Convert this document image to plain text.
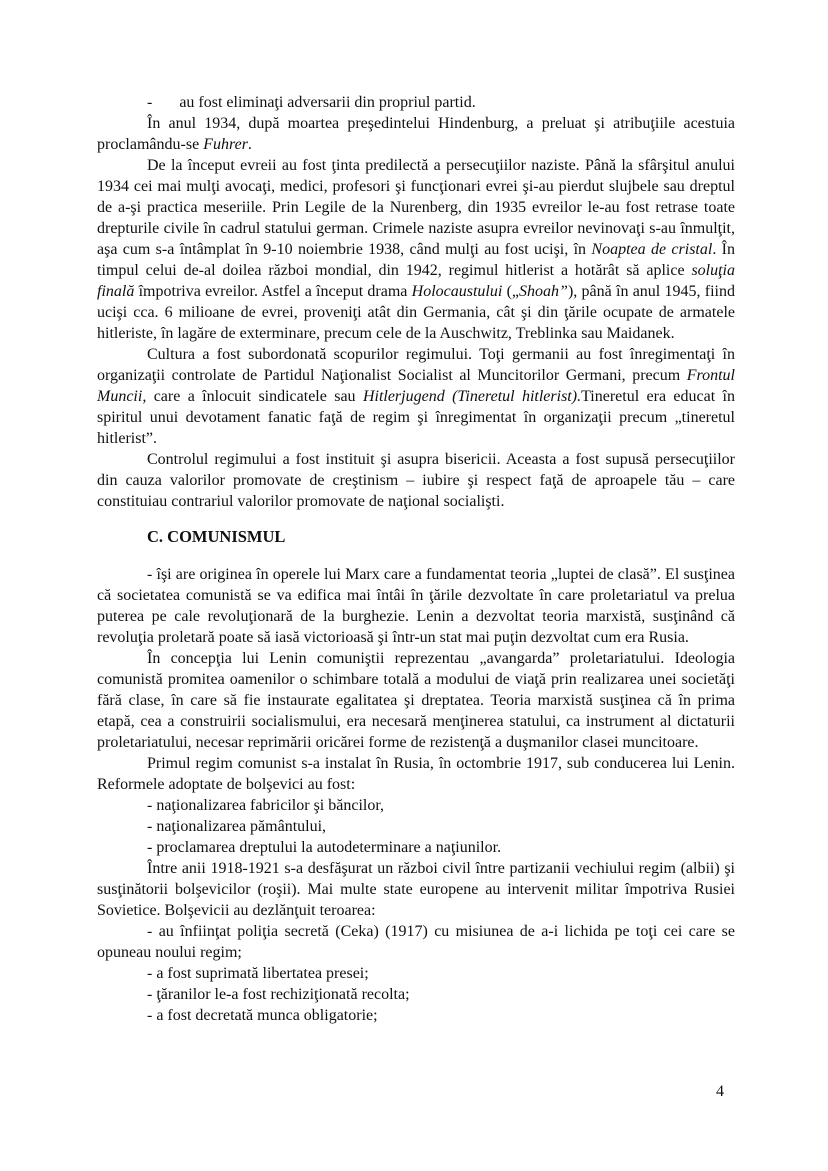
- au fost eliminaţi adversarii din propriul partid.

În anul 1934, după moartea preşedintelui Hindenburg, a preluat şi atribuţiile acestuia proclamându-se Fuhrer.

De la început evreii au fost ţinta predilectă a persecuţiilor naziste. Până la sfârşitul anului 1934 cei mai mulţi avocaţi, medici, profesori şi funcţionari evrei şi-au pierdut slujbele sau dreptul de a-şi practica meseriile. Prin Legile de la Nurenberg, din 1935 evreilor le-au fost retrase toate drepturile civile în cadrul statului german. Crimele naziste asupra evreilor nevinovaţi s-au înmulţit, aşa cum s-a întâmplat în 9-10 noiembrie 1938, când mulţi au fost ucişi, în Noaptea de cristal. În timpul celui de-al doilea război mondial, din 1942, regimul hitlerist a hotărât să aplice soluţia finală împotriva evreilor. Astfel a început drama Holocaustului („Shoah”), până în anul 1945, fiind ucişi cca. 6 milioane de evrei, proveniţi atât din Germania, cât şi din ţările ocupate de armatele hitleriste, în lagăre de exterminare, precum cele de la Auschwitz, Treblinka sau Maidanek.

Cultura a fost subordonată scopurilor regimului. Toţi germanii au fost înregimentaţi în organizaţii controlate de Partidul Naţionalist Socialist al Muncitorilor Germani, precum Frontul Muncii, care a înlocuit sindicatele sau Hitlerjugend (Tineretul hitlerist).Tineretul era educat în spiritul unui devotament fanatic faţă de regim şi înregimentat în organizaţii precum „tineretul hitlerist”.

Controlul regimului a fost instituit şi asupra bisericii. Aceasta a fost supusă persecuţiilor din cauza valorilor promovate de creştinism – iubire şi respect faţă de aproapele tău – care constituiau contrariul valorilor promovate de naţional socialişti.

C. COMUNISMUL

- îşi are originea în operele lui Marx care a fundamentat teoria „luptei de clasă”. El susţinea că societatea comunistă se va edifica mai întâi în ţările dezvoltate în care proletariatul va prelua puterea pe cale revoluţionară de la burghezie. Lenin a dezvoltat teoria marxistă, susţinând că revoluţia proletară poate să iasă victorioasă şi într-un stat mai puţin dezvoltat cum era Rusia.

În concepţia lui Lenin comuniştii reprezentau „avangarda” proletariatului. Ideologia comunistă promitea oamenilor o schimbare totală a modului de viaţă prin realizarea unei societăţi fără clase, în care să fie instaurate egalitatea şi dreptatea. Teoria marxistă susţinea că în prima etapă, cea a construirii socialismului, era necesară menţinerea statului, ca instrument al dictaturii proletariatului, necesar reprimării oricărei forme de rezistenţă a duşmanilor clasei muncitoare.

Primul regim comunist s-a instalat în Rusia, în octombrie 1917, sub conducerea lui Lenin. Reformele adoptate de bolşevici au fost:

- naţionalizarea fabricilor şi băncilor,

- naţionalizarea pământului,

- proclamarea dreptului la autodeterminare a naţiunilor.

Între anii 1918-1921 s-a desfăşurat un război civil între partizanii vechiului regim (albii) şi susţinătorii bolşevicilor (roşii). Mai multe state europene au intervenit militar împotriva Rusiei Sovietice. Bolşevicii au dezlănţuit teroarea:

- au înfiinţat poliţia secretă (Ceka) (1917) cu misiunea de a-i lichida pe toţi cei care se opuneau noului regim;

- a fost suprimată libertatea presei;

- ţăranilor le-a fost rechiziţionată recolta;

- a fost decretată munca obligatorie;

4
